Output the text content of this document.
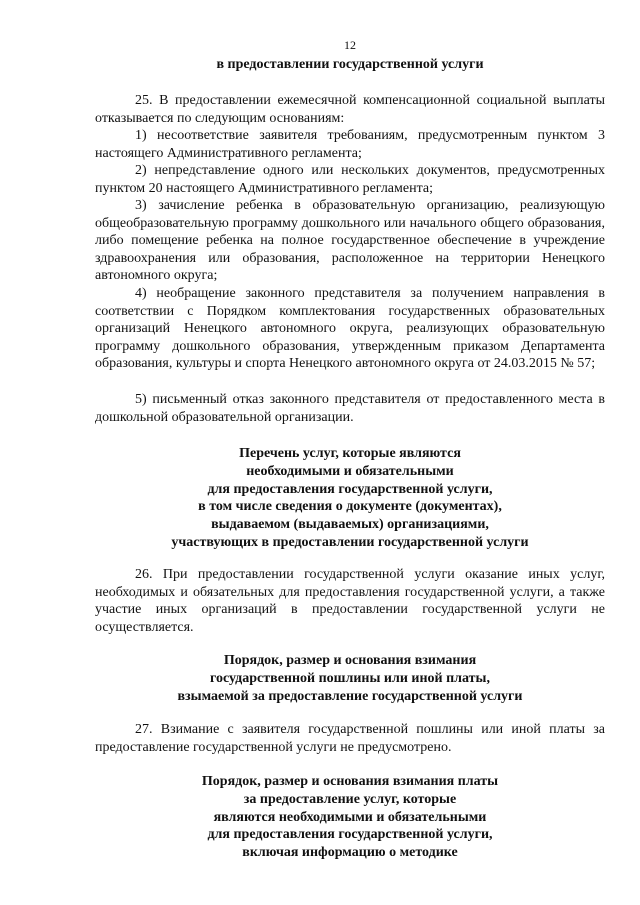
12
в предоставлении государственной услуги

25. В предоставлении ежемесячной компенсационной социальной выплаты отказывается по следующим основаниям:

1) несоответствие заявителя требованиям, предусмотренным пунктом 3 настоящего Административного регламента;

2) непредставление одного или нескольких документов, предусмотренных пунктом 20 настоящего Административного регламента;

3) зачисление ребенка в образовательную организацию, реализующую общеобразовательную программу дошкольного или начального общего образования, либо помещение ребенка на полное государственное обеспечение в учреждение здравоохранения или образования, расположенное на территории Ненецкого автономного округа;

4) необращение законного представителя за получением направления в соответствии с Порядком комплектования государственных образовательных организаций Ненецкого автономного округа, реализующих образовательную программу дошкольного образования, утвержденным приказом Департамента образования, культуры и спорта Ненецкого автономного округа от 24.03.2015 № 57;

5) письменный отказ законного представителя от предоставленного места в дошкольной образовательной организации.

Перечень услуг, которые являются
необходимыми и обязательными
для предоставления государственной услуги,
в том числе сведения о документе (документах),
выдаваемом (выдаваемых) организациями,
участвующих в предоставлении государственной услуги

26. При предоставлении государственной услуги оказание иных услуг, необходимых и обязательных для предоставления государственной услуги, а также участие иных организаций в предоставлении государственной услуги не осуществляется.

Порядок, размер и основания взимания
государственной пошлины или иной платы,
взымаемой за предоставление государственной услуги

27. Взимание с заявителя государственной пошлины или иной платы за предоставление государственной услуги не предусмотрено.

Порядок, размер и основания взимания платы
за предоставление услуг, которые
являются необходимыми и обязательными
для предоставления государственной услуги,
включая информацию о методике
